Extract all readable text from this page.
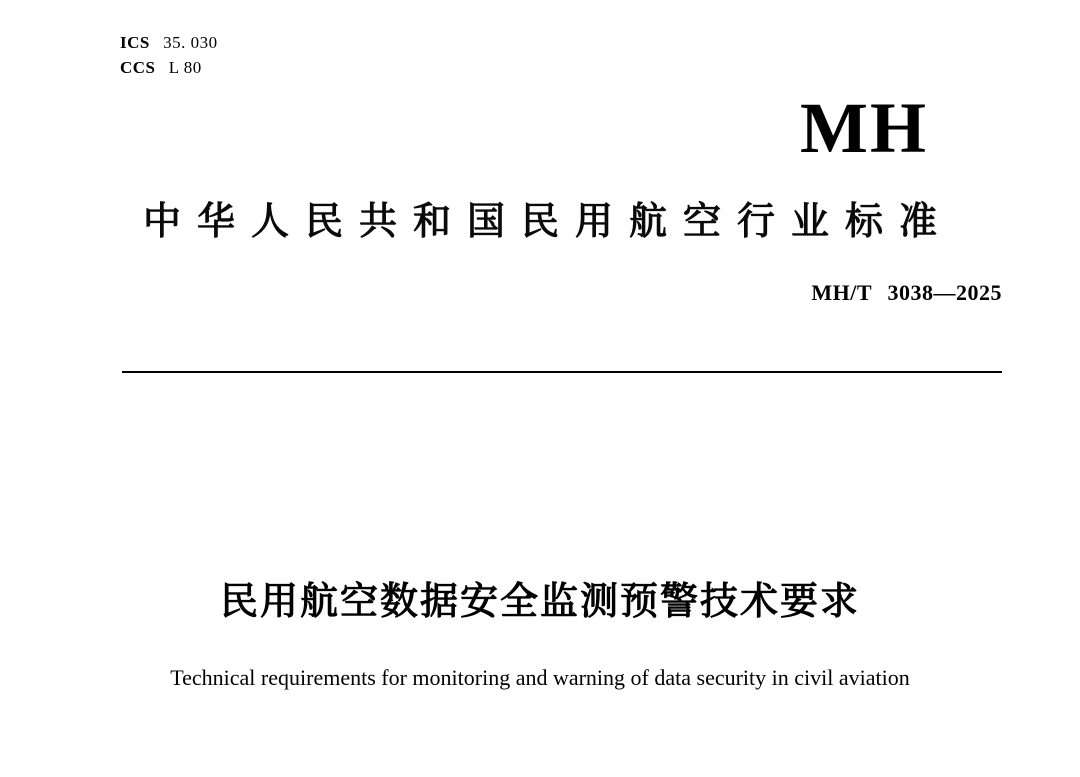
ICS 35. 030
CCS L 80
MH
中华人民共和国民用航空行业标准
MH/T 3038—2025
民用航空数据安全监测预警技术要求
Technical requirements for monitoring and warning of data security in civil aviation
